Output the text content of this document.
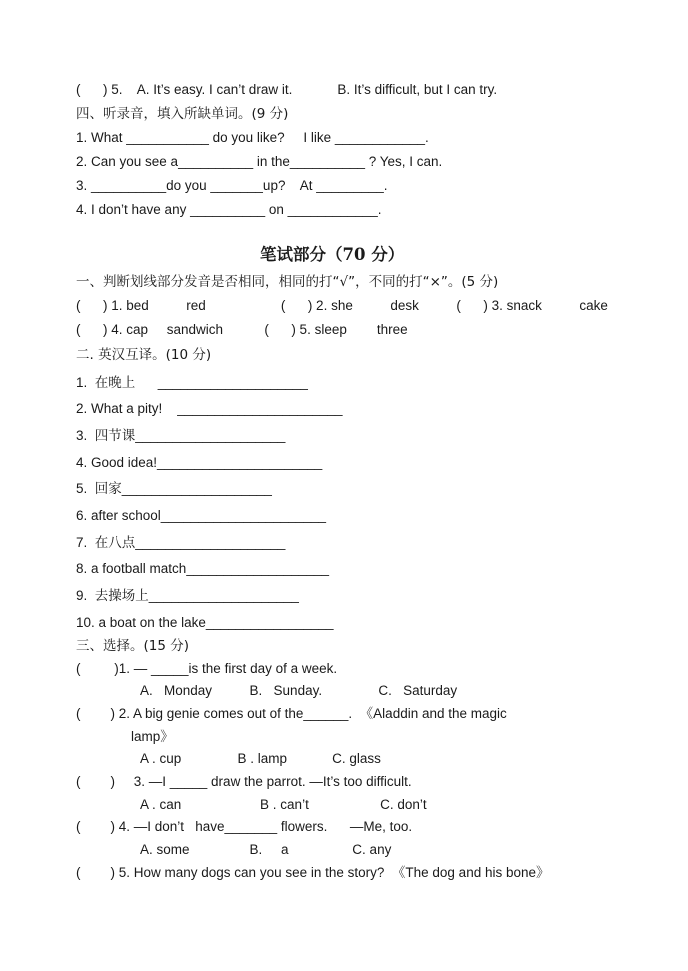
(      ) 5.    A. It’s easy. I can’t draw it.            B. It’s difficult, but I can try.
四、听录音，填入所缺单词。(9 分)
1. What ___________ do you like?     I like ____________.
2. Can you see a__________ in the__________ ? Yes, I can.
3. __________do you _______up?    At _________.
4. I don’t have any __________ on ____________.
笔试部分（70 分）
一、判断划线部分发音是否相同，相同的打“√”，不同的打“×”。(5 分)
(      ) 1. bed          red                    (      ) 2. she          desk          (      ) 3. snack          cake
(      ) 4. cap     sandwich           (      ) 5. sleep        three
二. 英汉互译。(10 分)
1.  在晚上      ____________________
2. What a pity!    ______________________
3.  四节课____________________
4. Good idea!______________________
5.  回家____________________
6. after school______________________
7.  在八点____________________
8. a football match___________________
9.  去操场上____________________
10. a boat on the lake_________________
三、选择。(15 分)
(         )1. — _____is the first day of a week.
A.   Monday          B.   Sunday.               C.   Saturday
(        ) 2. A big genie comes out of the______.  《Aladdin and the magic
lamp》
A . cup               B . lamp            C. glass
(        )     3. —I _____ draw the parrot. —It’s too difficult.
A . can                     B . can’t                   C. don’t
(        ) 4. —I don’t   have_______ flowers.      —Me, too.
A. some                B.     a                 C. any
(        ) 5. How many dogs can you see in the story?  《The dog and his bone》
